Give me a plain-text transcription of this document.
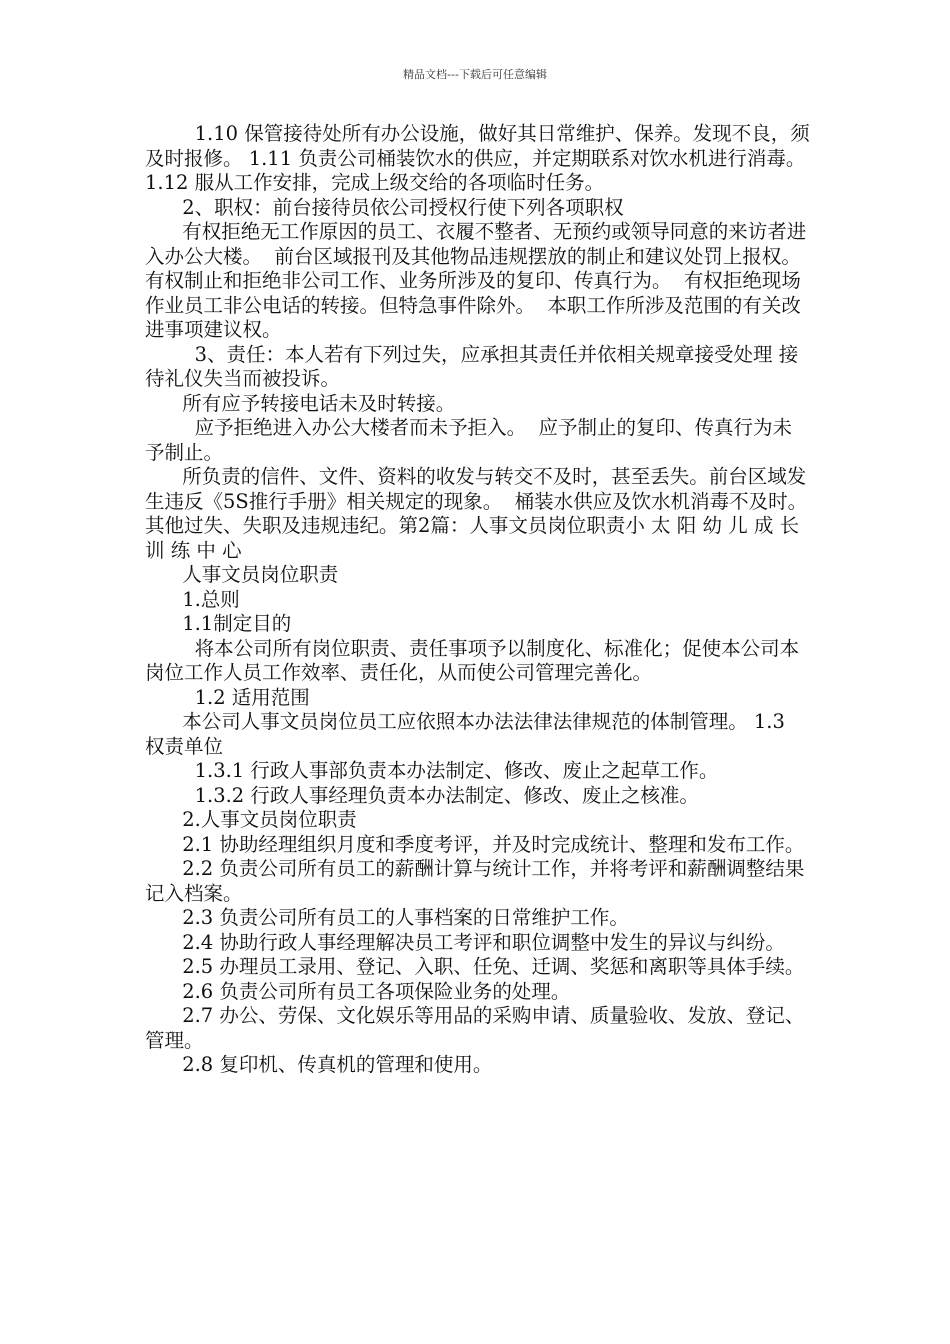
精品文档---下载后可任意编辑

1.10 保管接待处所有办公设施，做好其日常维护、保养。发现不良，须及时报修。 1.11 负责公司桶装饮水的供应，并定期联系对饮水机进行消毒。 1.12 服从工作安排，完成上级交给的各项临时任务。

2、职权：前台接待员依公司授权行使下列各项职权

有权拒绝无工作原因的员工、衣履不整者、无预约或领导同意的来访者进入办公大楼。  前台区域报刊及其他物品违规摆放的制止和建议处罚上报权。  有权制止和拒绝非公司工作、业务所涉及的复印、传真行为。  有权拒绝现场作业员工非公电话的转接。但特急事件除外。  本职工作所涉及范围的有关改进事项建议权。

3、责任：本人若有下列过失，应承担其责任并依相关规章接受处理 接待礼仪失当而被投诉。

所有应予转接电话未及时转接。

应予拒绝进入办公大楼者而未予拒入。  应予制止的复印、传真行为未予制止。

所负责的信件、文件、资料的收发与转交不及时，甚至丢失。前台区域发生违反《5S推行手册》相关规定的现象。  桶装水供应及饮水机消毒不及时。 其他过失、失职及违规违纪。第2篇：人事文员岗位职责小 太 阳 幼 儿 成 长 训 练 中 心

人事文员岗位职责

1.总则

1.1制定目的

将本公司所有岗位职责、责任事项予以制度化、标准化；促使本公司本岗位工作人员工作效率、责任化，从而使公司管理完善化。

1.2 适用范围

本公司人事文员岗位员工应依照本办法法律法律规范的体制管理。 1.3 权责单位

1.3.1 行政人事部负责本办法制定、修改、废止之起草工作。

1.3.2 行政人事经理负责本办法制定、修改、废止之核准。

2.人事文员岗位职责

2.1 协助经理组织月度和季度考评，并及时完成统计、整理和发布工作。

2.2 负责公司所有员工的薪酬计算与统计工作，并将考评和薪酬调整结果记入档案。

2.3 负责公司所有员工的人事档案的日常维护工作。

2.4 协助行政人事经理解决员工考评和职位调整中发生的异议与纠纷。

2.5 办理员工录用、登记、入职、任免、迁调、奖惩和离职等具体手续。

2.6 负责公司所有员工各项保险业务的处理。

2.7 办公、劳保、文化娱乐等用品的采购申请、质量验收、发放、登记、管理。

2.8 复印机、传真机的管理和使用。
